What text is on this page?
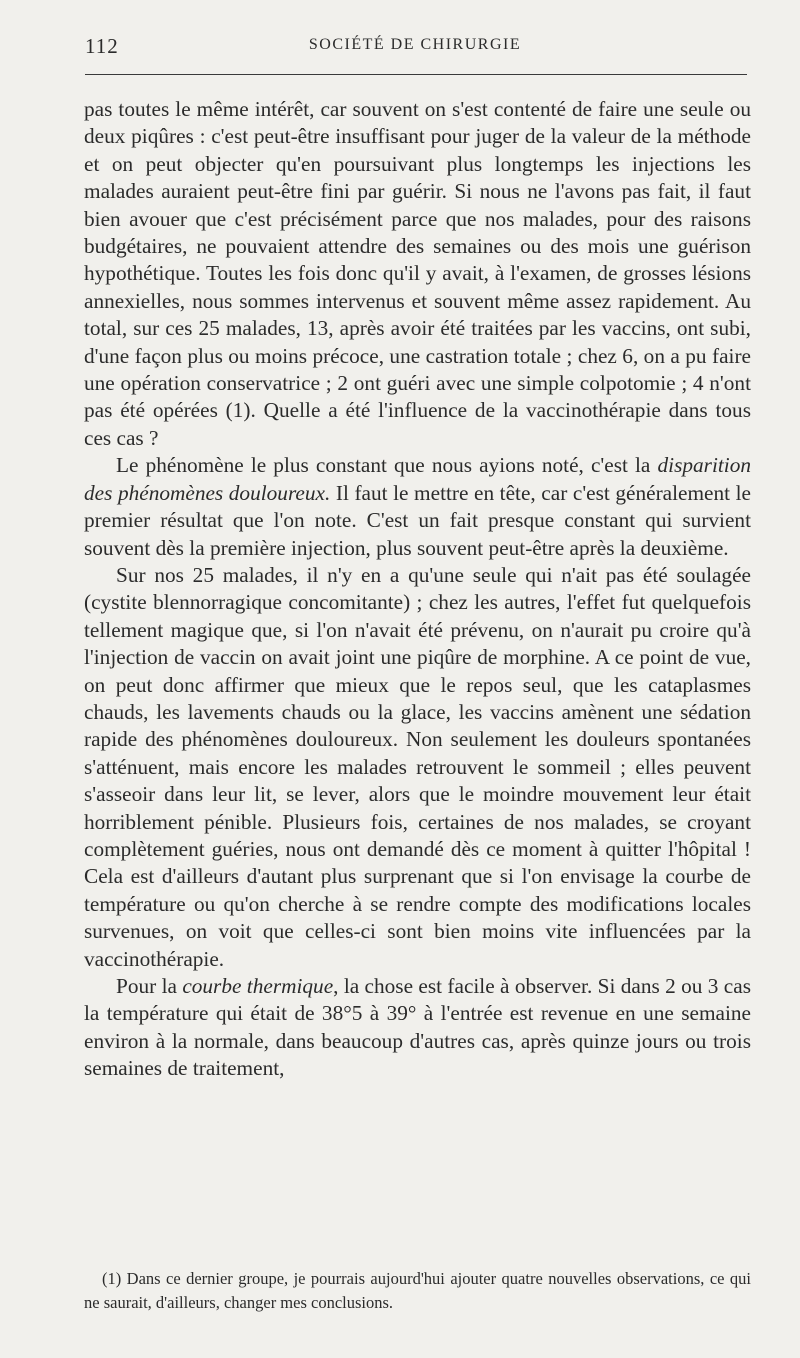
112	SOCIÉTÉ DE CHIRURGIE

pas toutes le même intérêt, car souvent on s'est contenté de faire une seule ou deux piqûres : c'est peut-être insuffisant pour juger de la valeur de la méthode et on peut objecter qu'en poursuivant plus longtemps les injections les malades auraient peut-être fini par guérir. Si nous ne l'avons pas fait, il faut bien avouer que c'est précisément parce que nos malades, pour des raisons budgétaires, ne pouvaient attendre des semaines ou des mois une guérison hypothétique. Toutes les fois donc qu'il y avait, à l'examen, de grosses lésions annexielles, nous sommes intervenus et souvent même assez rapidement. Au total, sur ces 25 malades, 13, après avoir été traitées par les vaccins, ont subi, d'une façon plus ou moins précoce, une castration totale ; chez 6, on a pu faire une opération conservatrice ; 2 ont guéri avec une simple colpotomie ; 4 n'ont pas été opérées (1). Quelle a été l'influence de la vaccinothérapie dans tous ces cas ?

Le phénomène le plus constant que nous ayions noté, c'est la disparition des phénomènes douloureux. Il faut le mettre en tête, car c'est généralement le premier résultat que l'on note. C'est un fait presque constant qui survient souvent dès la première injection, plus souvent peut-être après la deuxième.

Sur nos 25 malades, il n'y en a qu'une seule qui n'ait pas été soulagée (cystite blennorragique concomitante) ; chez les autres, l'effet fut quelquefois tellement magique que, si l'on n'avait été prévenu, on n'aurait pu croire qu'à l'injection de vaccin on avait joint une piqûre de morphine. A ce point de vue, on peut donc affirmer que mieux que le repos seul, que les cataplasmes chauds, les lavements chauds ou la glace, les vaccins amènent une sédation rapide des phénomènes douloureux. Non seulement les douleurs spontanées s'atténuent, mais encore les malades retrouvent le sommeil ; elles peuvent s'asseoir dans leur lit, se lever, alors que le moindre mouvement leur était horriblement pénible. Plusieurs fois, certaines de nos malades, se croyant complètement guéries, nous ont demandé dès ce moment à quitter l'hôpital ! Cela est d'ailleurs d'autant plus surprenant que si l'on envisage la courbe de température ou qu'on cherche à se rendre compte des modifications locales survenues, on voit que celles-ci sont bien moins vite influencées par la vaccinothérapie.

Pour la courbe thermique, la chose est facile à observer. Si dans 2 ou 3 cas la température qui était de 38°5 à 39° à l'entrée est revenue en une semaine environ à la normale, dans beaucoup d'autres cas, après quinze jours ou trois semaines de traitement,

(1) Dans ce dernier groupe, je pourrais aujourd'hui ajouter quatre nouvelles observations, ce qui ne saurait, d'ailleurs, changer mes conclusions.
